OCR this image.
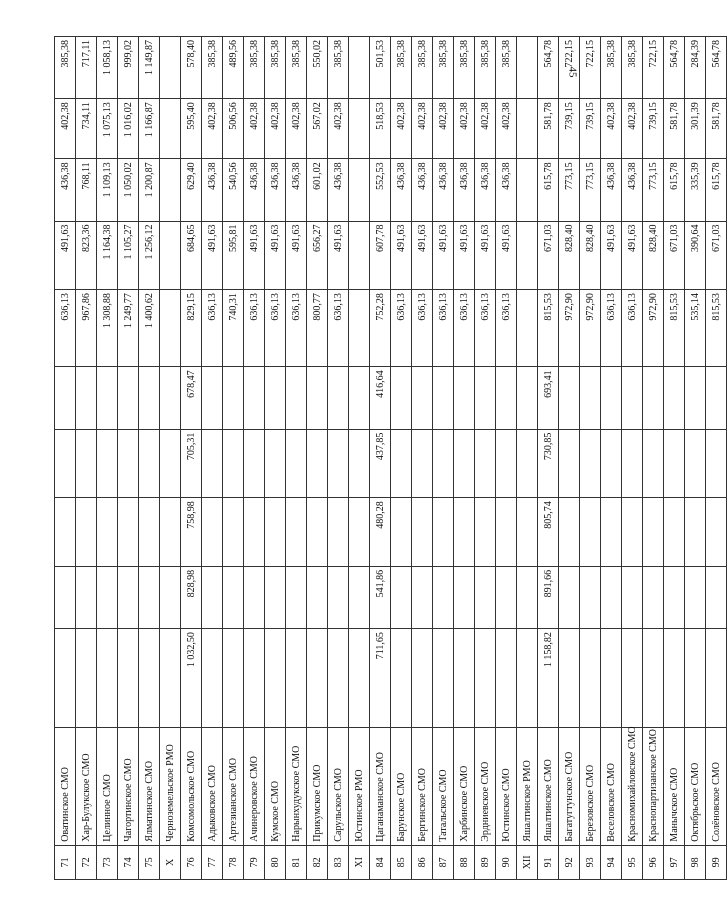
45
71	Оватинское СМО						636,13	491,63	436,38	402,38	385,38
72	Хар-Булукское СМО						967,86	823,36	768,11	734,11	717,11
73	Целинное СМО						1 308,88	1 164,38	1 109,13	1 075,13	1 058,13
74	Чагортинское СМО						1 249,77	1 105,27	1 050,02	1 016,02	999,02
75	Ялматинское СМО						1 400,62	1 256,12	1 200,87	1 166,87	1 149,87
X	Черноземельское РМО										
76	Комсомольское СМО	1 032,50	828,98	758,98	705,31	678,47	829,15	684,65	629,40	595,40	578,40
77	Адыковское СМО						636,13	491,63	436,38	402,38	385,38
78	Артезианское СМО						740,31	595,81	540,56	506,56	489,56
79	Ачинеровское СМО						636,13	491,63	436,38	402,38	385,38
80	Кумское СМО						636,13	491,63	436,38	402,38	385,38
81	Нарынхудукское СМО						636,13	491,63	436,38	402,38	385,38
82	Прикумское СМО						800,77	656,27	601,02	567,02	550,02
83	Сарульское СМО						636,13	491,63	436,38	402,38	385,38
XI	Юстинское РМО										
84	Цаганаманское СМО	711,65	541,86	480,28	437,85	416,64	752,28	607,78	552,53	518,53	501,53
85	Барунское СМО						636,13	491,63	436,38	402,38	385,38
86	Бергинское СМО						636,13	491,63	436,38	402,38	385,38
87	Татальское СМО						636,13	491,63	436,38	402,38	385,38
88	Харбинское СМО						636,13	491,63	436,38	402,38	385,38
89	Эрдниевское СМО						636,13	491,63	436,38	402,38	385,38
90	Юстинское СМО						636,13	491,63	436,38	402,38	385,38
XII	Яшалтинское РМО										
91	Яшалтинское СМО	1 158,82	891,66	805,74	730,85	693,41	815,53	671,03	615,78	581,78	564,78
92	Багатугтунское СМО						972,90	828,40	773,15	739,15	722,15
93	Березовское СМО						972,90	828,40	773,15	739,15	722,15
94	Веселовское СМО						636,13	491,63	436,38	402,38	385,38
95	Красномихайловское СМО						636,13	491,63	436,38	402,38	385,38
96	Краснопартизанское СМО						972,90	828,40	773,15	739,15	722,15
97	Манычское СМО						815,53	671,03	615,78	581,78	564,78
98	Октябрьское СМО						535,14	390,64	335,39	301,39	284,39
99	Солёновское СМО						815,53	671,03	615,78	581,78	564,78
